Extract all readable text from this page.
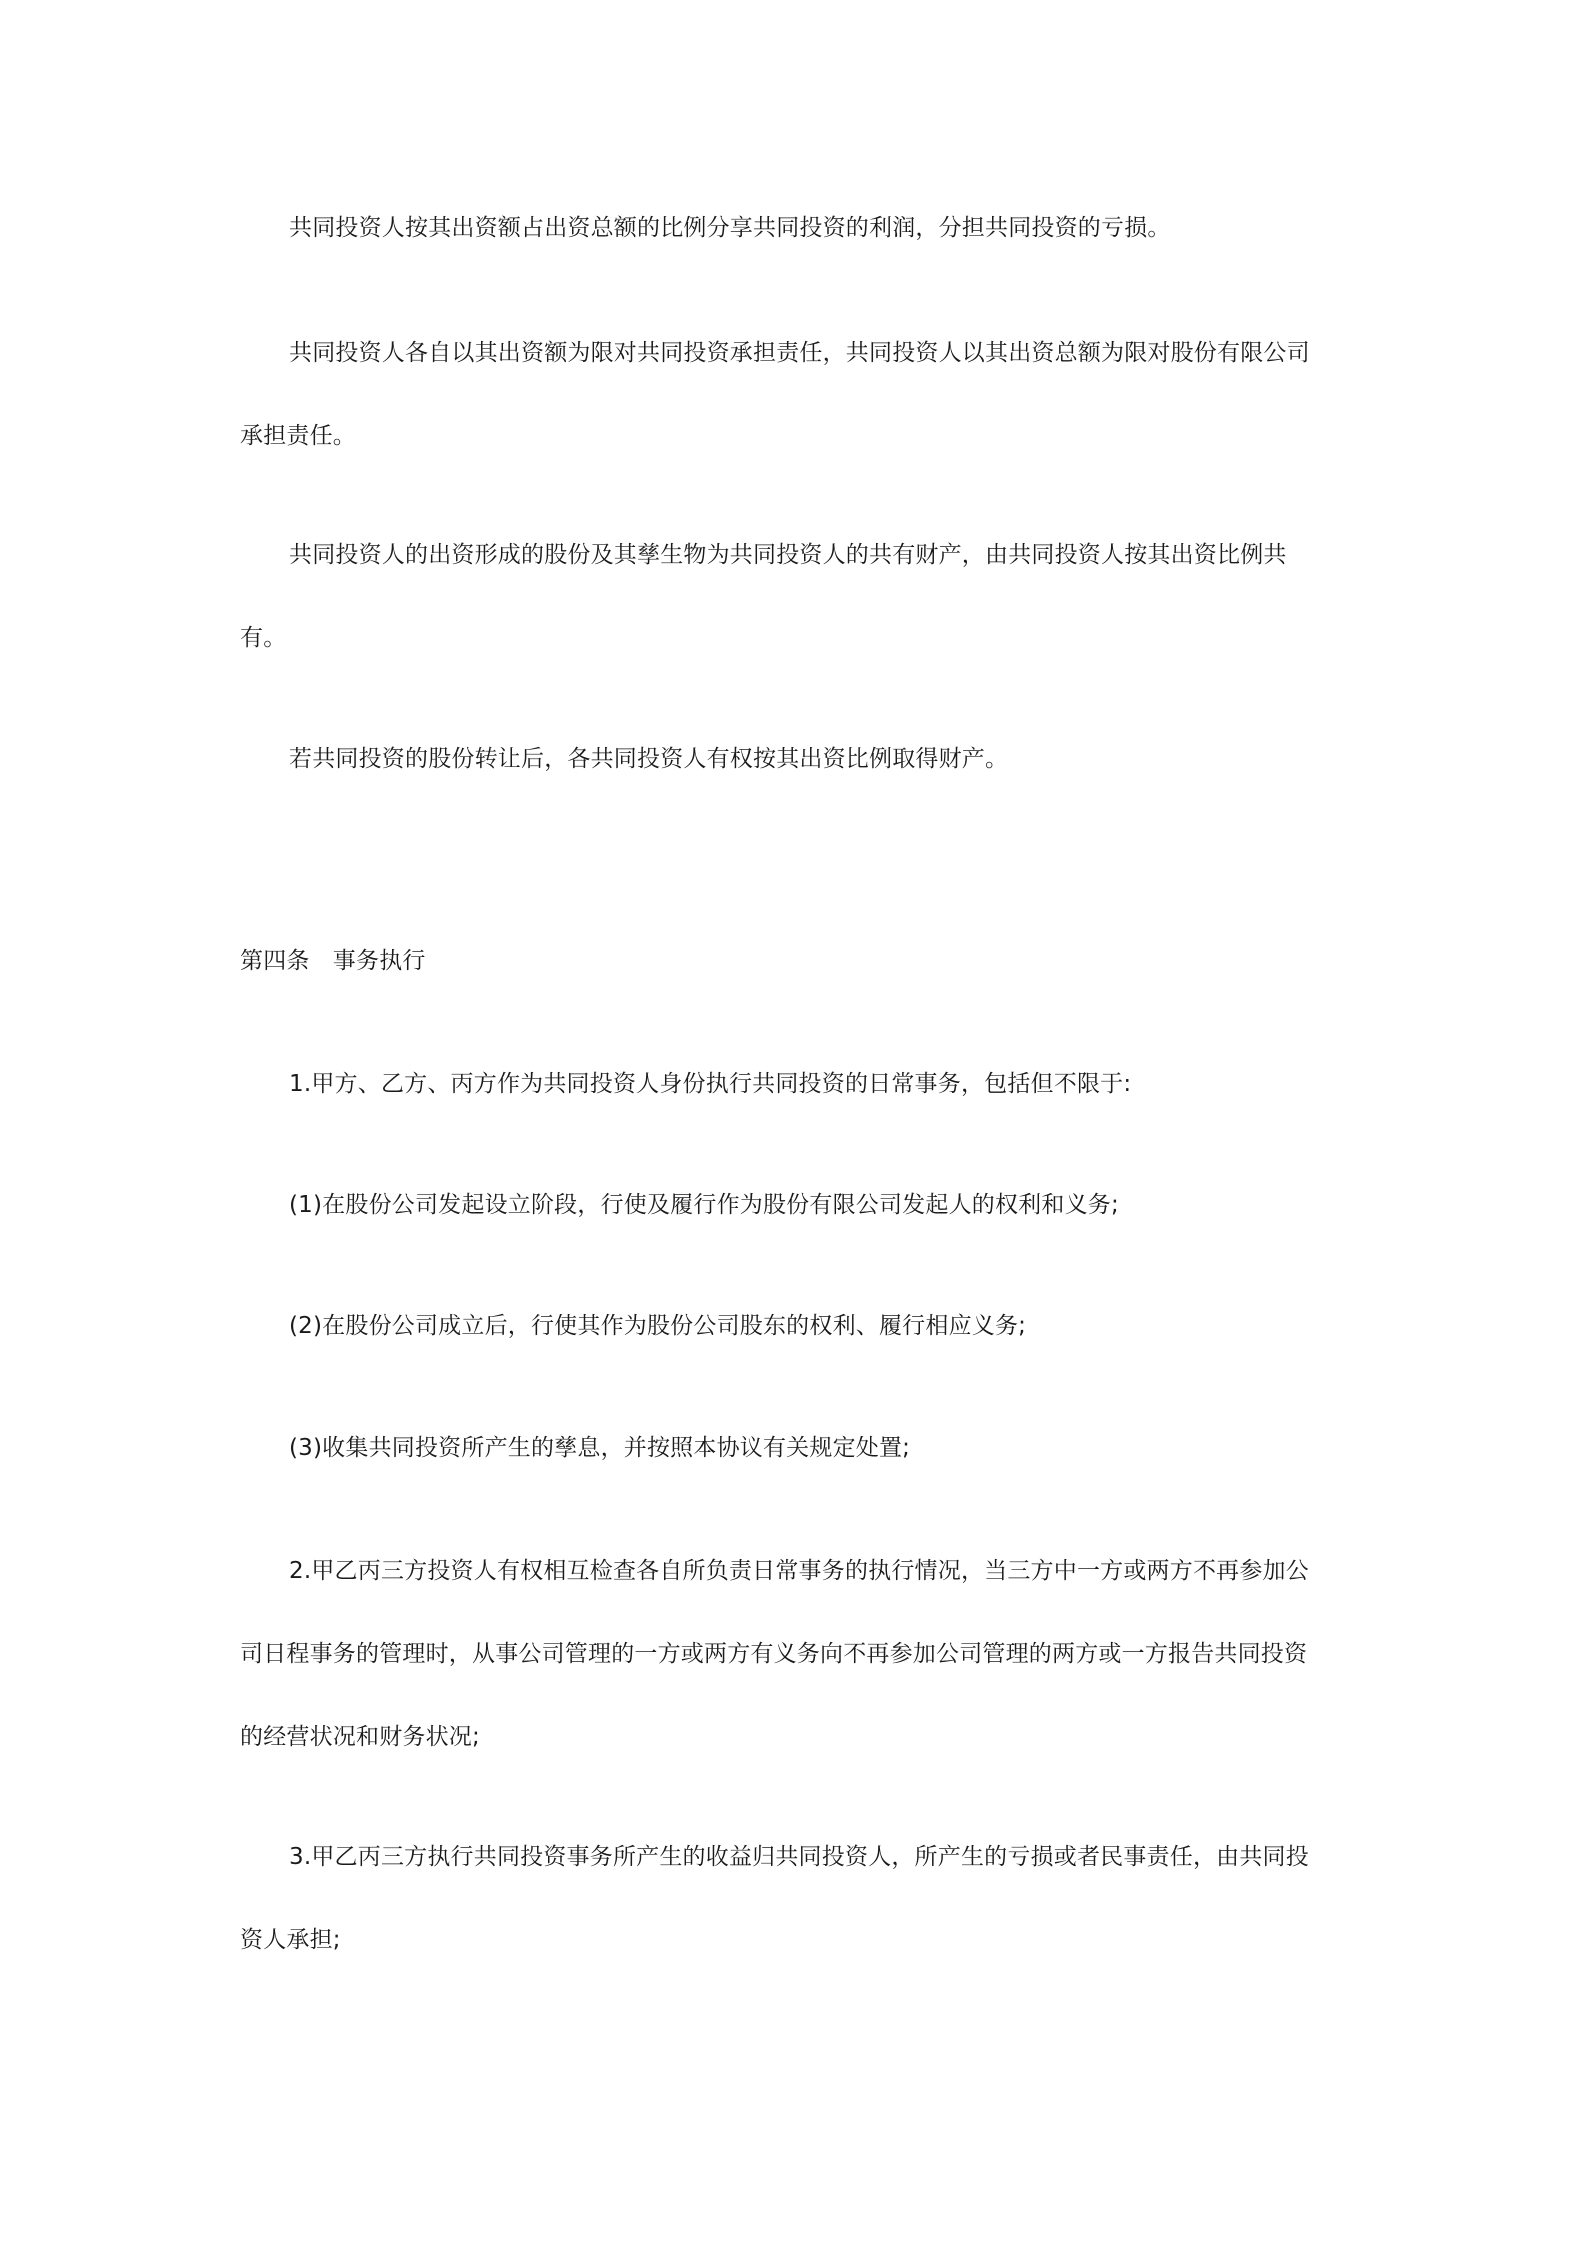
共同投资人按其出资额占出资总额的比例分享共同投资的利润，分担共同投资的亏损。
共同投资人各自以其出资额为限对共同投资承担责任，共同投资人以其出资总额为限对股份有限公司
承担责任。
共同投资人的出资形成的股份及其孳生物为共同投资人的共有财产，由共同投资人按其出资比例共
有。
若共同投资的股份转让后，各共同投资人有权按其出资比例取得财产。
第四条　事务执行
1.甲方、乙方、丙方作为共同投资人身份执行共同投资的日常事务，包括但不限于:
(1)在股份公司发起设立阶段，行使及履行作为股份有限公司发起人的权利和义务;
(2)在股份公司成立后，行使其作为股份公司股东的权利、履行相应义务;
(3)收集共同投资所产生的孳息，并按照本协议有关规定处置;
2.甲乙丙三方投资人有权相互检查各自所负责日常事务的执行情况，当三方中一方或两方不再参加公
司日程事务的管理时，从事公司管理的一方或两方有义务向不再参加公司管理的两方或一方报告共同投资
的经营状况和财务状况;
3.甲乙丙三方执行共同投资事务所产生的收益归共同投资人，所产生的亏损或者民事责任，由共同投
资人承担;
